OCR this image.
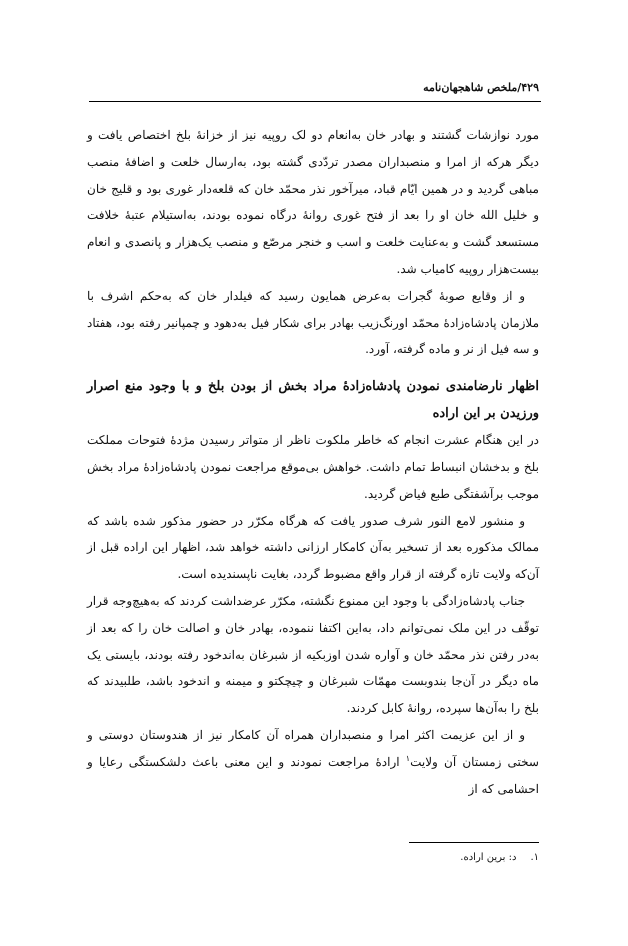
۴۲۹/ملخص شاهجهان‌نامه

مورد نوازشات گشتند و بهادر خان به‌انعام دو لک روپیه نیز از خزانهٔ بلخ اختصاص یافت و دیگر هرکه از امرا و منصبداران مصدر تردّدی گشته بود، به‌ارسال خلعت و اضافهٔ منصب مباهی گردید و در همین ایّام قباد، میرآخور نذر محمّد خان که قلعه‌دار غوری بود و قلیج خان و خلیل الله خان او را بعد از فتح غوری روانهٔ درگاه نموده بودند، به‌استیلام عتبهٔ خلافت مستسعد گشت و به‌عنایت خلعت و اسب و خنجر مرصّع و منصب یک‌هزار و پانصدی و انعام بیست‌هزار روپیه کامیاب شد.

و از وقایع صوبهٔ گجرات به‌عرض همایون رسید که فیلدار خان که به‌حکم اشرف با ملازمان پادشاه‌زادهٔ محمّد اورنگ‌زیب بهادر برای شکار فیل به‌دهود و چمپانیر رفته بود، هفتاد و سه فیل از نر و ماده گرفته، آورد.

اظهار نارضامندی نمودن پادشاه‌زادهٔ مراد بخش از بودن بلخ و با وجود منع اصرار ورزیدن بر این اراده

در این هنگام عشرت انجام که خاطر ملکوت ناظر از متواتر رسیدن مژدهٔ فتوحات مملکت بلخ و بدخشان انبساط تمام داشت. خواهش بی‌موقع مراجعت نمودن پادشاه‌زادهٔ مراد بخش موجب برآشفتگی طبع فیاض گردید.

و منشور لامع النور شرف صدور یافت که هرگاه مکرّر در حضور مذکور شده باشد که ممالک مذکوره بعد از تسخیر به‌آن کامکار ارزانی داشته خواهد شد، اظهار این اراده قبل از آن‌که ولایت تازه گرفته از قرار واقع مضبوط گردد، بغایت ناپسندیده است.

جناب پادشاه‌زادگی با وجود این ممنوع نگشته، مکرّر عرضداشت کردند که به‌هیچ‌وجه قرار توقّف در این ملک نمی‌توانم داد، به‌این اکتفا ننموده، بهادر خان و اصالت خان را که بعد از به‌در رفتن نذر محمّد خان و آواره شدن اوزبکیه از شبرغان به‌اندخود رفته بودند، بایستی یک ماه دیگر در آن‌جا بندوبست مهمّات شبرغان و چیچکتو و میمنه و اندخود باشد، طلبیدند که بلخ را به‌آن‌ها سپرده، روانهٔ کابل کردند.

و از این عزیمت اکثر امرا و منصبداران همراه آن کامکار نیز از هندوستان دوستی و سختی زمستان آن ولایت$^۱$ ارادهٔ مراجعت نمودند و این معنی باعث دلشکستگی رعایا و احشامی که از

۱.د: برین اراده.
